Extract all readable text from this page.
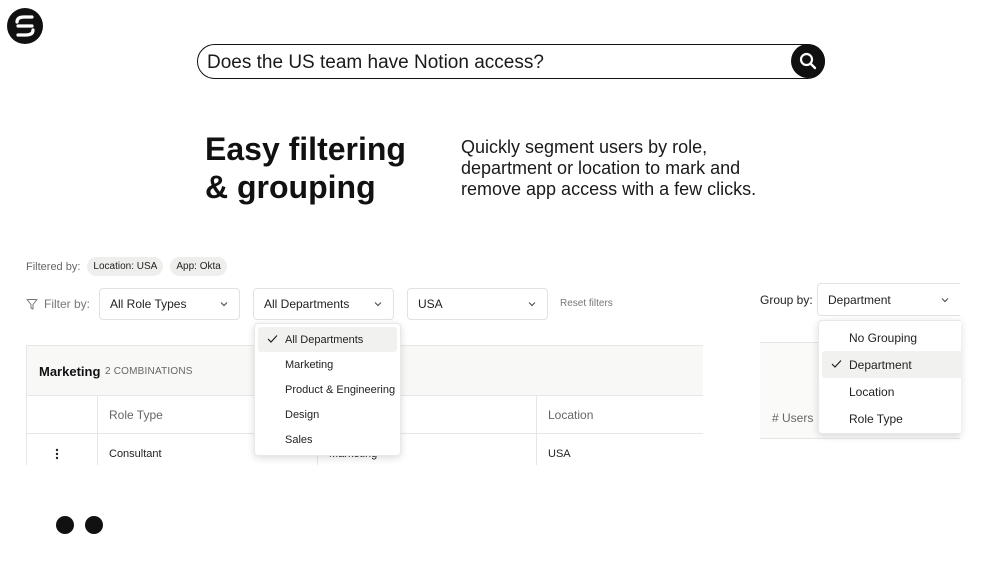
Does the US team have Notion access?
Easy filtering
& grouping
Quickly segment users by role, department or location to mark and remove app access with a few clicks.
Filtered by:	Location: USA	App: Okta
Filter by: All Role Types	All Departments	USA	Reset filters
Marketing 2 COMBINATIONS
Role Type	Location
Consultant	USA
All Departments
Marketing
Product & Engineering
Design
Sales
Group by: Department
# Users
No Grouping
Department
Location
Role Type
